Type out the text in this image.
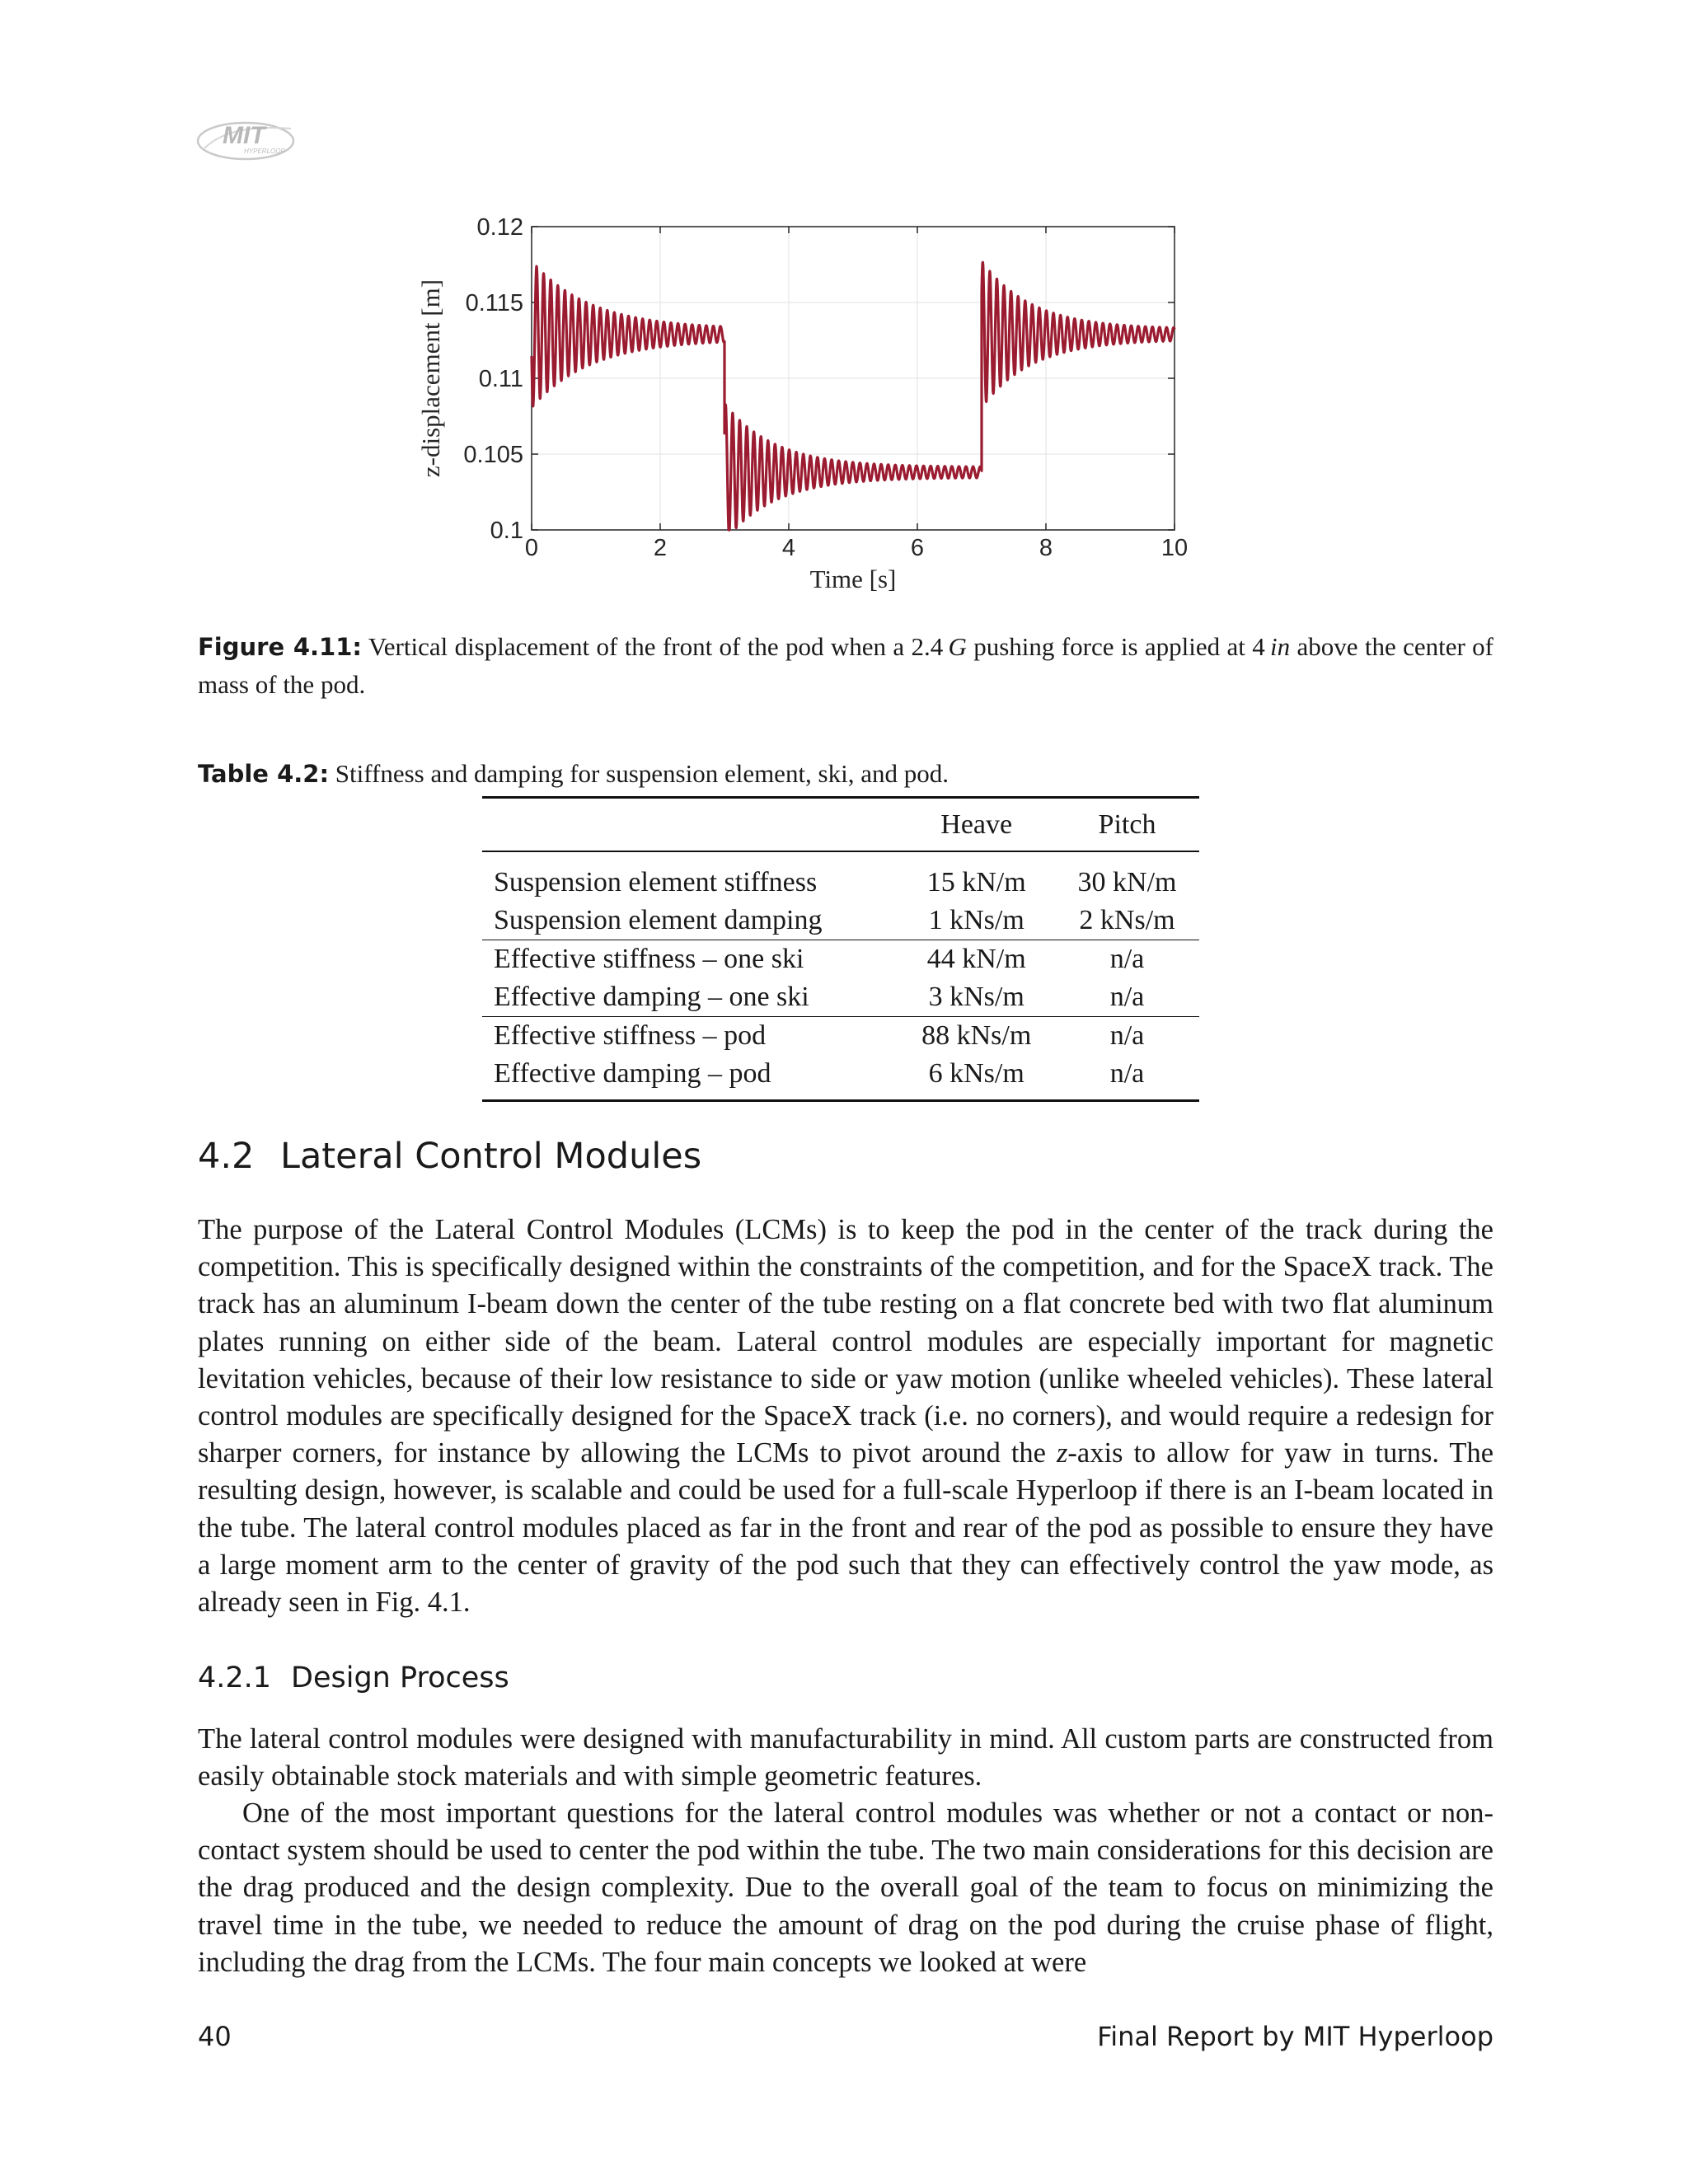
MIT
HYPERLOOP
0	2	4	6	8	10
0.1
0.105
0.11
0.115
0.12
Time [s]
z-displacement [m]
Figure 4.11: Vertical displacement of the front of the pod when a 2.4  G pushing force is applied at 4  in above the center of mass of the pod.
Table 4.2: Stiffness and damping for suspension element, ski, and pod.
	Heave	Pitch
Suspension element stiffness	15 kN/m	30 kN/m
Suspension element damping	1 kNs/m	2 kNs/m
Effective stiffness – one ski	44 kN/m	n/a
Effective damping – one ski	3 kNs/m	n/a
Effective stiffness – pod	88 kNs/m	n/a
Effective damping – pod	6 kNs/m	n/a
4.2 Lateral Control Modules

The purpose of the Lateral Control Modules (LCMs) is to keep the pod in the center of the track during the competition. This is specifically designed within the constraints of the competition, and for the SpaceX track. The track has an aluminum I-beam down the center of the tube resting on a flat concrete bed with two flat aluminum plates running on either side of the beam. Lateral control modules are especially important for magnetic levitation vehicles, because of their low resistance to side or yaw motion (unlike wheeled vehicles). These lateral control modules are specifically designed for the SpaceX track (i.e. no corners), and would require a redesign for sharper corners, for instance by allowing the LCMs to pivot around the z-axis to allow for yaw in turns. The resulting design, however, is scalable and could be used for a full-scale Hyperloop if there is an I-beam located in the tube. The lateral control modules placed as far in the front and rear of the pod as possible to ensure they have a large moment arm to the center of gravity of the pod such that they can effectively control the yaw mode, as already seen in Fig. 4.1.

4.2.1 Design Process

The lateral control modules were designed with manufacturability in mind. All custom parts are constructed from easily obtainable stock materials and with simple geometric features.

One of the most important questions for the lateral control modules was whether or not a contact or non-contact system should be used to center the pod within the tube. The two main considerations for this decision are the drag produced and the design complexity. Due to the overall goal of the team to focus on minimizing the travel time in the tube, we needed to reduce the amount of drag on the pod during the cruise phase of flight, including the drag from the LCMs. The four main concepts we looked at were

40	Final Report by MIT Hyperloop
